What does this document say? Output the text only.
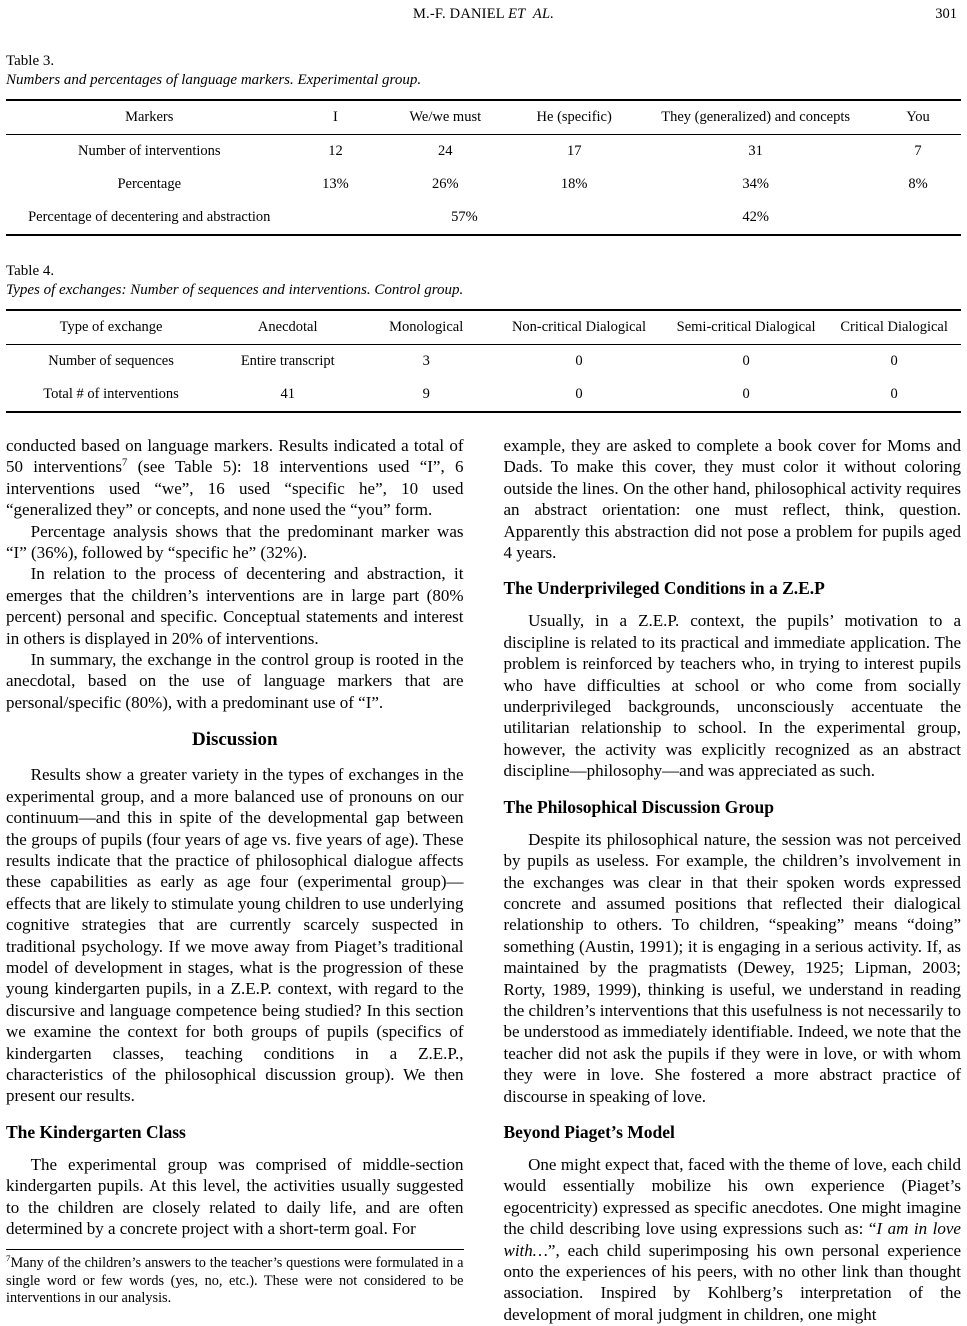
M.-F. DANIEL ET AL.	301
Table 3.
Numbers and percentages of language markers. Experimental group.
Markers	I	We/we must	He (specific)	They (generalized) and concepts	You
Number of interventions	12	24	17	31	7
Percentage	13%	26%	18%	34%	8%
Percentage of decentering and abstraction	57%			42%	
Table 4.
Types of exchanges: Number of sequences and interventions. Control group.
Type of exchange	Anecdotal	Monological	Non-critical Dialogical	Semi-critical Dialogical	Critical Dialogical
Number of sequences	Entire transcript	3	0	0	0
Total # of interventions	41	9	0	0	0

conducted based on language markers. Results indicated a total of 50 interventions$^7$ (see Table 5): 18 interventions used “I”, 6 interventions used “we”, 16 used “specific he”, 10 used “generalized they” or concepts, and none used the “you” form.

Percentage analysis shows that the predominant marker was “I” (36%), followed by “specific he” (32%).

In relation to the process of decentering and abstraction, it emerges that the children’s interventions are in large part (80% percent) personal and specific. Conceptual statements and interest in others is displayed in 20% of interventions.

In summary, the exchange in the control group is rooted in the anecdotal, based on the use of language markers that are personal/specific (80%), with a predominant use of “I”.

Discussion

Results show a greater variety in the types of exchanges in the experimental group, and a more balanced use of pronouns on our continuum—and this in spite of the developmental gap between the groups of pupils (four years of age vs. five years of age). These results indicate that the practice of philosophical dialogue affects these capabilities as early as age four (experimental group)—effects that are likely to stimulate young children to use underlying cognitive strategies that are currently scarcely suspected in traditional psychology. If we move away from Piaget’s traditional model of development in stages, what is the progression of these young kindergarten pupils, in a Z.E.P. context, with regard to the discursive and language competence being studied? In this section we examine the context for both groups of pupils (specifics of kindergarten classes, teaching conditions in a Z.E.P., characteristics of the philosophical discussion group). We then present our results.

The Kindergarten Class

The experimental group was comprised of middle-section kindergarten pupils. At this level, the activities usually suggested to the children are closely related to daily life, and are often determined by a concrete project with a short-term goal. For

$^7$Many of the children’s answers to the teacher’s questions were formulated in a single word or few words (yes, no, etc.). These were not considered to be interventions in our analysis.

example, they are asked to complete a book cover for Moms and Dads. To make this cover, they must color it without coloring outside the lines. On the other hand, philosophical activity requires an abstract orientation: one must reflect, think, question. Apparently this abstraction did not pose a problem for pupils aged 4 years.

The Underprivileged Conditions in a Z.E.P

Usually, in a Z.E.P. context, the pupils’ motivation to a discipline is related to its practical and immediate application. The problem is reinforced by teachers who, in trying to interest pupils who have difficulties at school or who come from socially underprivileged backgrounds, unconsciously accentuate the utilitarian relationship to school. In the experimental group, however, the activity was explicitly recognized as an abstract discipline—philosophy—and was appreciated as such.

The Philosophical Discussion Group

Despite its philosophical nature, the session was not perceived by pupils as useless. For example, the children’s involvement in the exchanges was clear in that their spoken words expressed concrete and assumed positions that reflected their dialogical relationship to others. To children, “speaking” means “doing” something (Austin, 1991); it is engaging in a serious activity. If, as maintained by the pragmatists (Dewey, 1925; Lipman, 2003; Rorty, 1989, 1999), thinking is useful, we understand in reading the children’s interventions that this usefulness is not necessarily to be understood as immediately identifiable. Indeed, we note that the teacher did not ask the pupils if they were in love, or with whom they were in love. She fostered a more abstract practice of discourse in speaking of love.

Beyond Piaget’s Model

One might expect that, faced with the theme of love, each child would essentially mobilize his own experience (Piaget’s egocentricity) expressed as specific anecdotes. One might imagine the child describing love using expressions such as: “I am in love with…”, each child superimposing his own personal experience onto the experiences of his peers, with no other link than thought association. Inspired by Kohlberg’s interpretation of the development of moral judgment in children, one might
